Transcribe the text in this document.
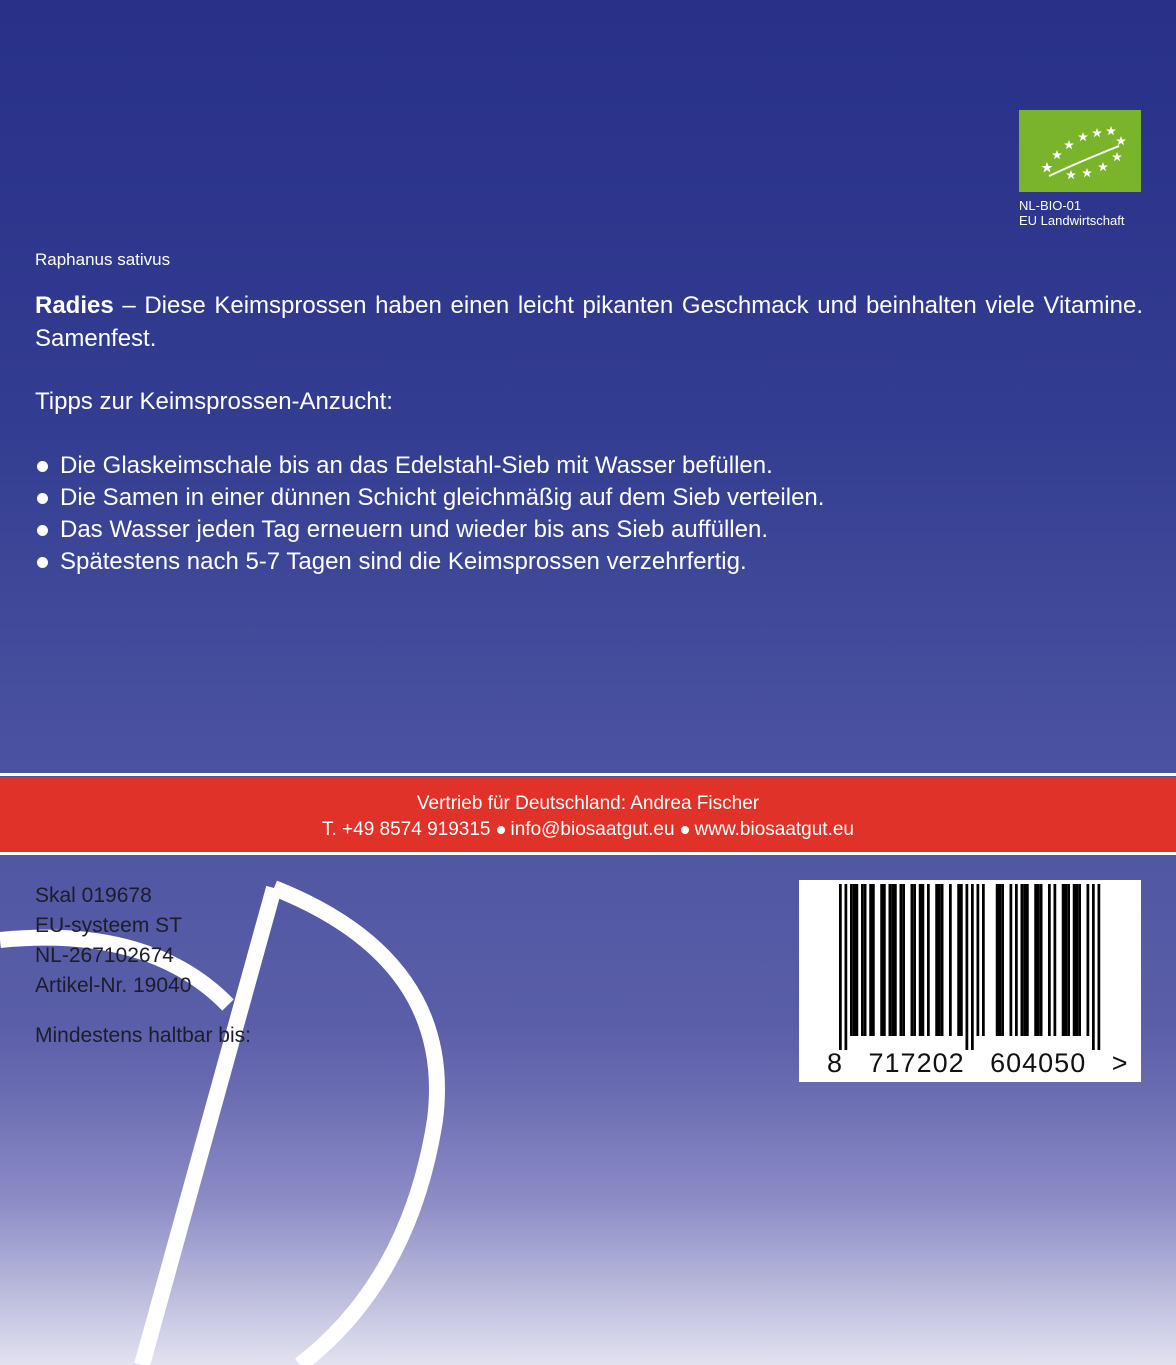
NL-BIO-01
EU Landwirtschaft
Raphanus sativus
Radies – Diese Keimsprossen haben einen leicht pikanten Geschmack und beinhalten viele Vitamine. Samenfest.
Tipps zur Keimsprossen-Anzucht:
Die Glaskeimschale bis an das Edelstahl-Sieb mit Wasser befüllen.
Die Samen in einer dünnen Schicht gleichmäßig auf dem Sieb verteilen.
Das Wasser jeden Tag erneuern und wieder bis ans Sieb auffüllen.
Spätestens nach 5-7 Tagen sind die Keimsprossen verzehrfertig.
Vertrieb für Deutschland: Andrea Fischer
T. +49 8574 919315 info@biosaatgut.eu www.biosaatgut.eu
Skal 019678
EU-systeem ST
NL-267102674
Artikel-Nr. 19040
Mindestens haltbar bis:
8   717202   604050   >
